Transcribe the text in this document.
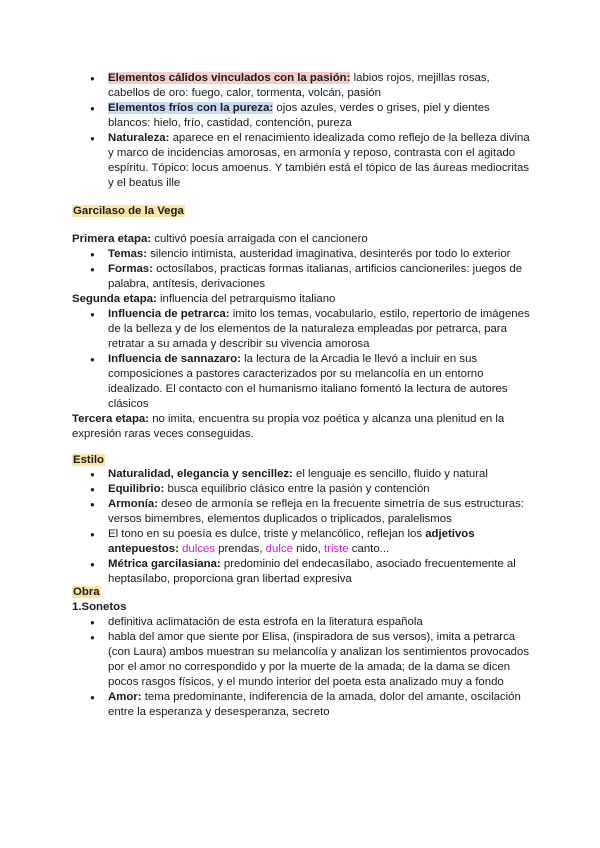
● Elementos cálidos vinculados con la pasión: labios rojos, mejillas rosas, cabellos de oro: fuego, calor, tormenta, volcán, pasión
● Elementos fríos con la pureza: ojos azules, verdes o grises, piel y dientes blancos: hielo, frío, castidad, contención, pureza
● Naturaleza: aparece en el renacimiento idealizada como reflejo de la belleza divina y marco de incidencias amorosas, en armonía y reposo, contrasta con el agitado espíritu. Tópico: locus amoenus. Y también está el tópico de las áureas mediocritas y el beatus ille

Garcilaso de la Vega

Primera etapa: cultivó poesía arraigada con el cancionero

● Temas: silencio intimista, austeridad imaginativa, desinterés por todo lo exterior
● Formas: octosílabos, practicas formas italianas, artificios cancioneriles: juegos de palabra, antítesis, derivaciones

Segunda etapa: influencia del petrarquismo italiano

● Influencia de petrarca: imito los temas, vocabulario, estilo, repertorio de imágenes de la belleza y de los elementos de la naturaleza empleadas por petrarca, para retratar a su amada y describir su vivencia amorosa
● Influencia de sannazaro: la lectura de la Arcadia le llevó a incluir en sus composiciones a pastores caracterizados por su melancolía en un entorno idealizado. El contacto con el humanismo italiano fomentó la lectura de autores clásicos

Tercera etapa: no imita, encuentra su propia voz poética y alcanza una plenitud en la expresión raras veces conseguidas.

Estilo

● Naturalidad, elegancia y sencillez: el lenguaje es sencillo, fluido y natural
● Equilibrio: busca equilibrio clásico entre la pasión y contención
● Armonía: deseo de armonía se refleja en la frecuente simetría de sus estructuras: versos bimembres, elementos duplicados o triplicados, paralelismos
● El tono en su poesía es dulce, triste y melancólico, reflejan los adjetivos antepuestos: dulces prendas, dulce nido, triste canto...
● Métrica garcilasiana: predominio del endecasílabo, asociado frecuentemente al heptasílabo, proporciona gran libertad expresiva

Obra

1.Sonetos

● definitiva aclimatación de esta estrofa en la literatura española
● habla del amor que siente por Elisa, (inspiradora de sus versos), imita a petrarca (con Laura) ambos muestran su melancolía y analizan los sentimientos provocados por el amor no correspondido y por la muerte de la amada; de la dama se dicen pocos rasgos físicos, y el mundo interior del poeta esta analizado muy a fondo
● Amor: tema predominante, indiferencia de la amada, dolor del amante, oscilación entre la esperanza y desesperanza, secreto
